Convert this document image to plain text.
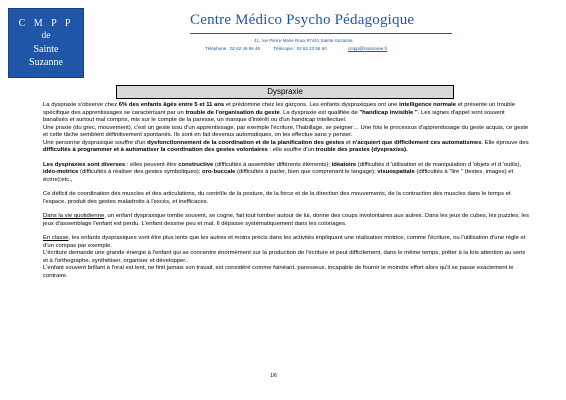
C M P P
de
Sainte
Suzanne
Centre Médico Psycho Pédagogique
41, rue Pierre Marie Roux 97441 Sainte-Suzanne
Téléphone : 02 62 46 56 46	Télécopie : 02 62 23 56 50	cmpp@ksamaree.fr
Dyspraxie

La dyspraxie s'observe chez 6% des enfants âgés entre 5 et 11 ans et prédomine chez les garçons. Les enfants dyspraxiques ont une intelligence normale et présente un trouble spécifique des apprentissages se caractérisant par un trouble de l'organisation du geste. La dyspraxie est qualifiée de "handicap invisible ". Les signes d'appel sont souvent banalisés et surtout mal compris, mis sur le compte de la paresse, un manque d'intérêt ou d'un handicap intellectuel.

Une praxie (du grec, mouvement), c'est un geste issu d'un apprentissage, par exemple l'écriture, l'habillage, se peigner… Une fois le processus d'apprentissage du geste acquis, ce geste et cette tâche semblent définitivement spontanés. Ils sont en fait devenus automatiques, on les effectue sans y penser.

Une personne dyspraxique souffre d'un dysfonctionnement de la coordination et de la planification des gestes et n'acquiert que difficilement ces automatismes. Elle éprouve des difficultés à programmer et à automatiser la coordination des gestes volontaires : elle souffre d'un trouble des praxies (dyspraxies).

Les dyspraxies sont diverses : elles peuvent être constructive (difficultés à assembler différents éléments); idéatoire (difficultés d 'utilisation et de manipulation d 'objets et d 'outils), idéo-motrice (difficultés à réaliser des gestes symboliques); oro-buccale (difficultés à parler, bien que comprenant le langage); visuospatiale (difficultés à "lire " (textes, images) et écrire);etc.,

Ce déficit de coordination des muscles et des articulations, du contrôle de la posture, de la force et de la direction des mouvements, de la contraction des muscles dans le temps et l'espace, produit des gestes maladroits à l'excès, et inefficaces.

Dans la vie quotidienne, un enfant dyspraxique tombe souvent, se cogne, fait tout tomber autour de lui, donne des coups involontaires aux autres. Dans les jeux de cubes, les puzzles, les jeux d'assemblage l'enfant est perdu. L'enfant dessine peu et mal. Il dépasse systématiquement dans les coloriages.

En classe, les enfants dyspraxiques vont être plus lents que les autres et moins précis dans les activités impliquant une réalisation motrice, comme l'écriture, ou l'utilisation d'une règle et d'un compas par exemple.

L'écriture demande une grande énergie à l'enfant qui se concentre énormément sur la production de l'écriture et peut difficilement, dans le même temps, prêter à la fois attention au sens et à l'orthographe, synthétiser, organiser et développer..

L'enfant souvent brillant à l'oral est lent, ne finit jamais son travail, est considéré comme fainéant, paresseux, incapable de fournir le moindre effort alors qu'il se passe exactement le contraire.

1/6
